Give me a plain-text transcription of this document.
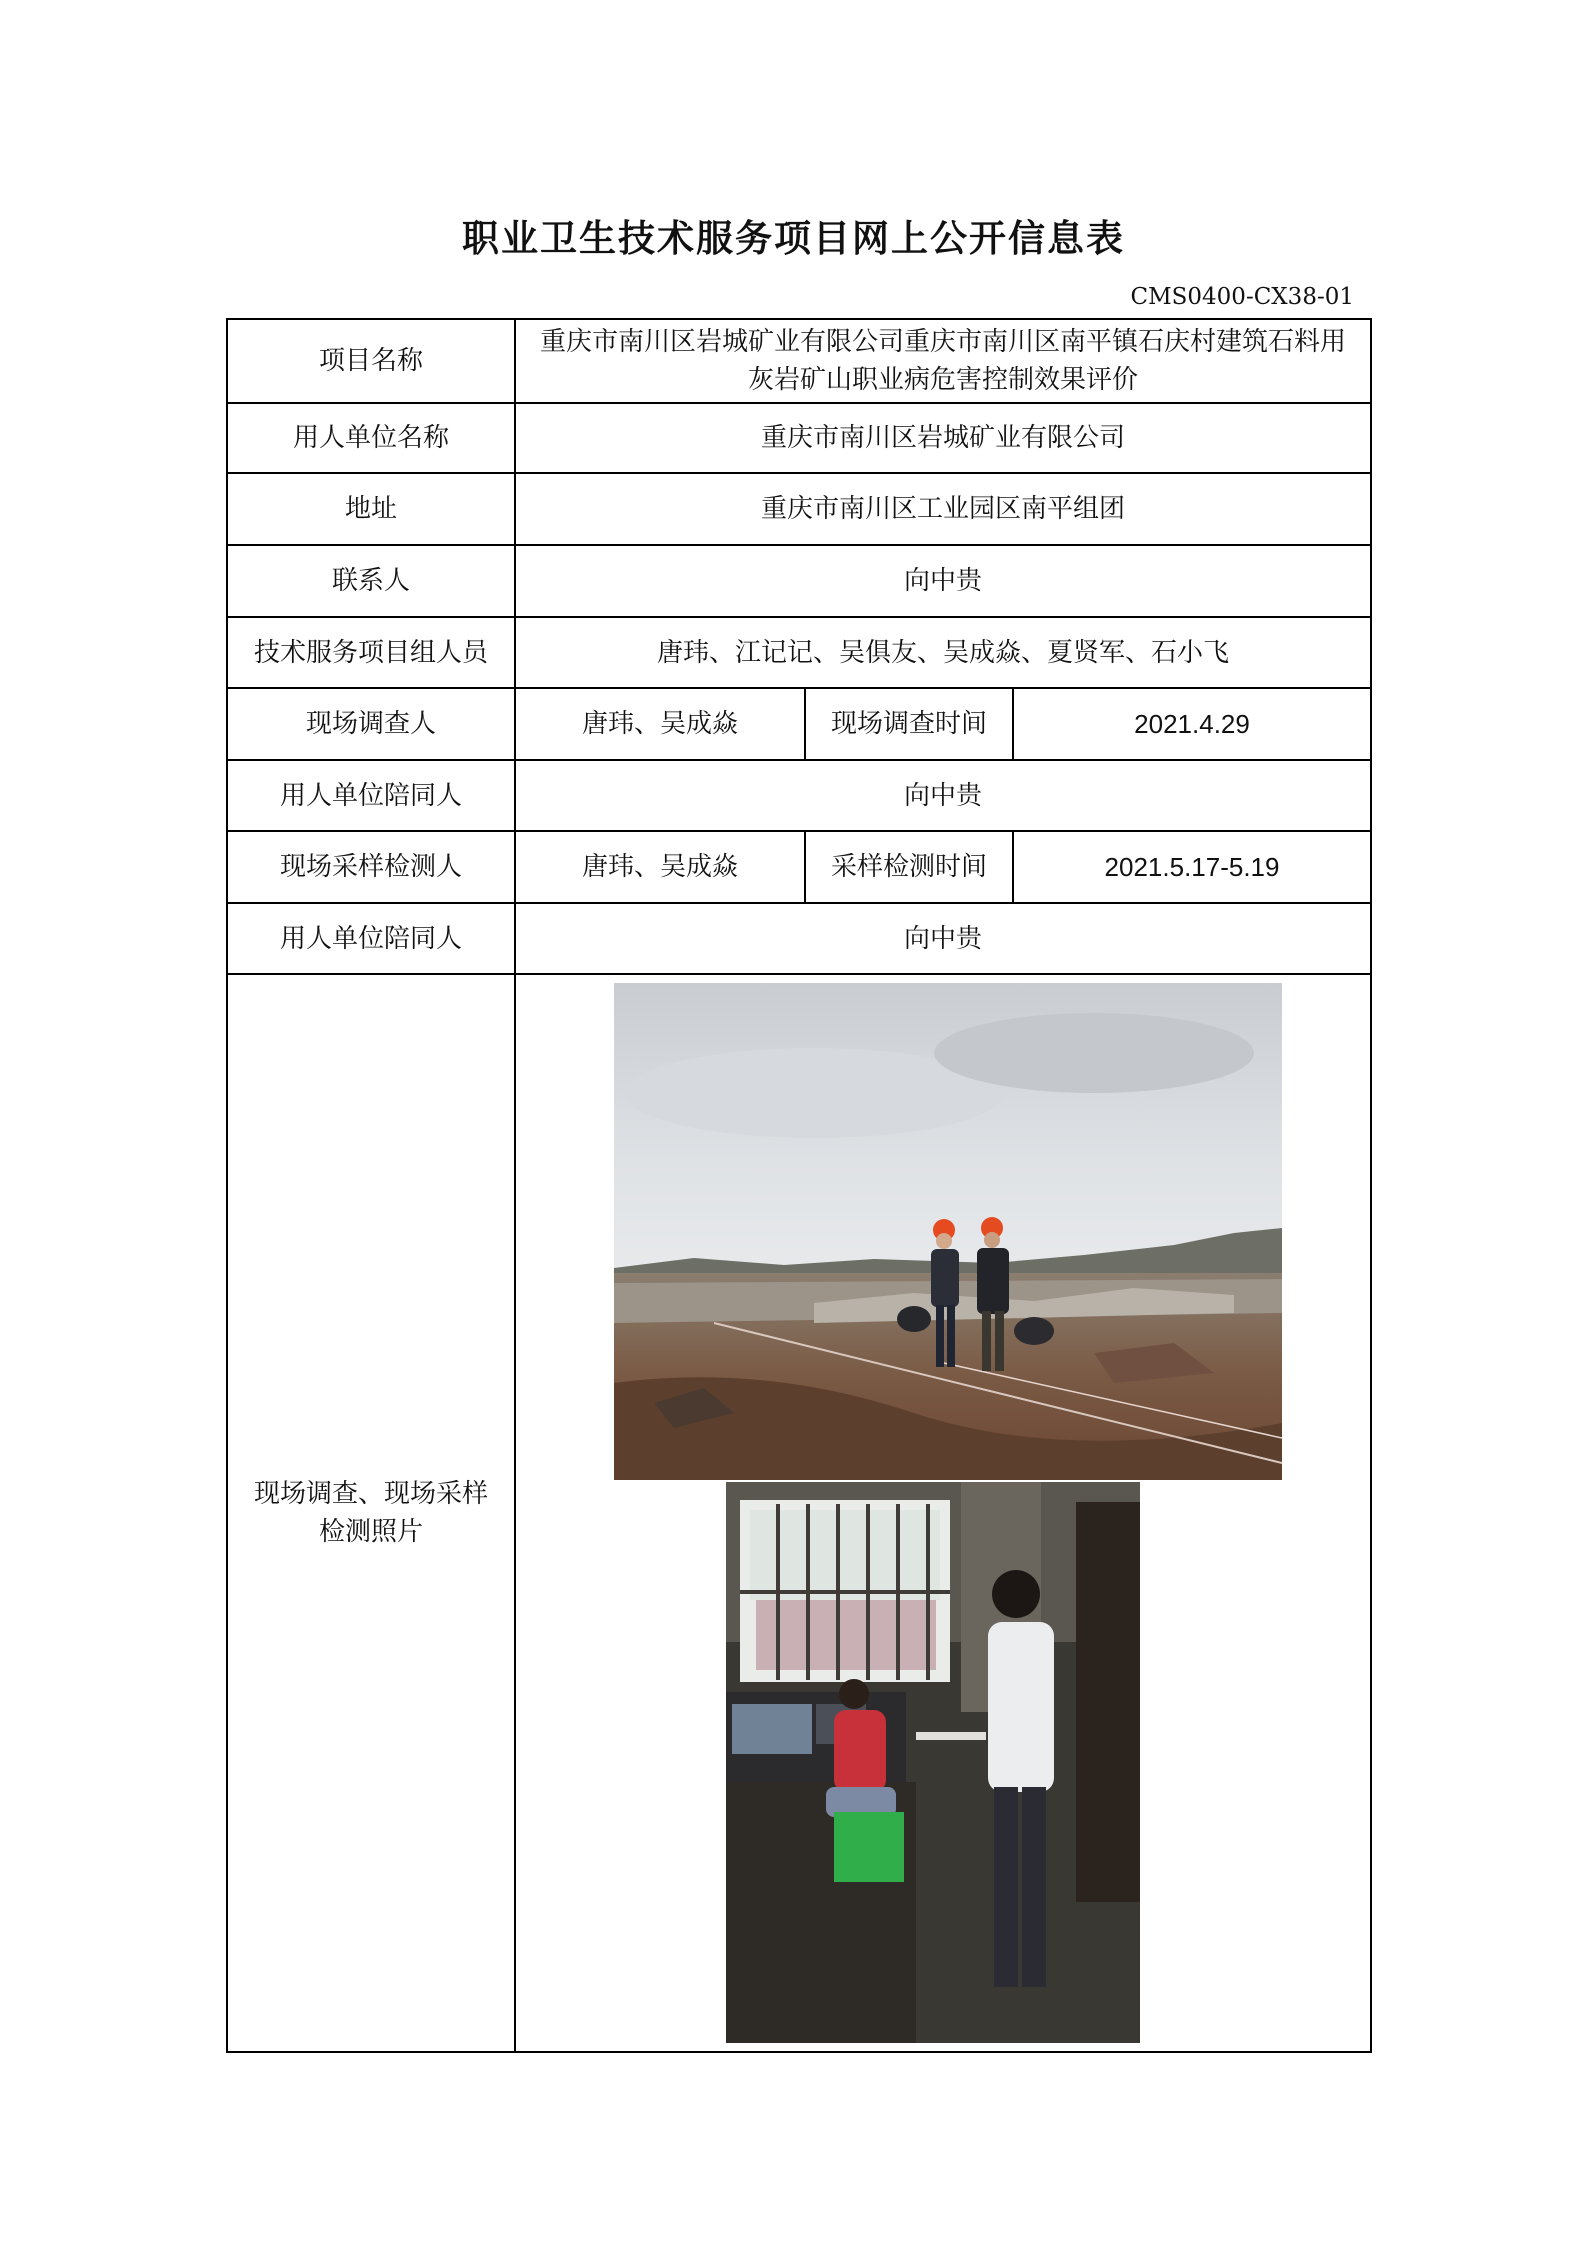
职业卫生技术服务项目网上公开信息表
CMS0400-CX38-01
项目名称	重庆市南川区岩城矿业有限公司重庆市南川区南平镇石庆村建筑石料用灰岩矿山职业病危害控制效果评价		
用人单位名称	重庆市南川区岩城矿业有限公司		
地址	重庆市南川区工业园区南平组团		
联系人	向中贵		
技术服务项目组人员	唐玮、江记记、吴俱友、吴成焱、夏贤军、石小飞		
现场调查人	唐玮、吴成焱	现场调查时间	2021.4.29
用人单位陪同人	向中贵		
现场采样检测人	唐玮、吴成焱	采样检测时间	2021.5.17-5.19
用人单位陪同人	向中贵		
现场调查、现场采样检测照片	
